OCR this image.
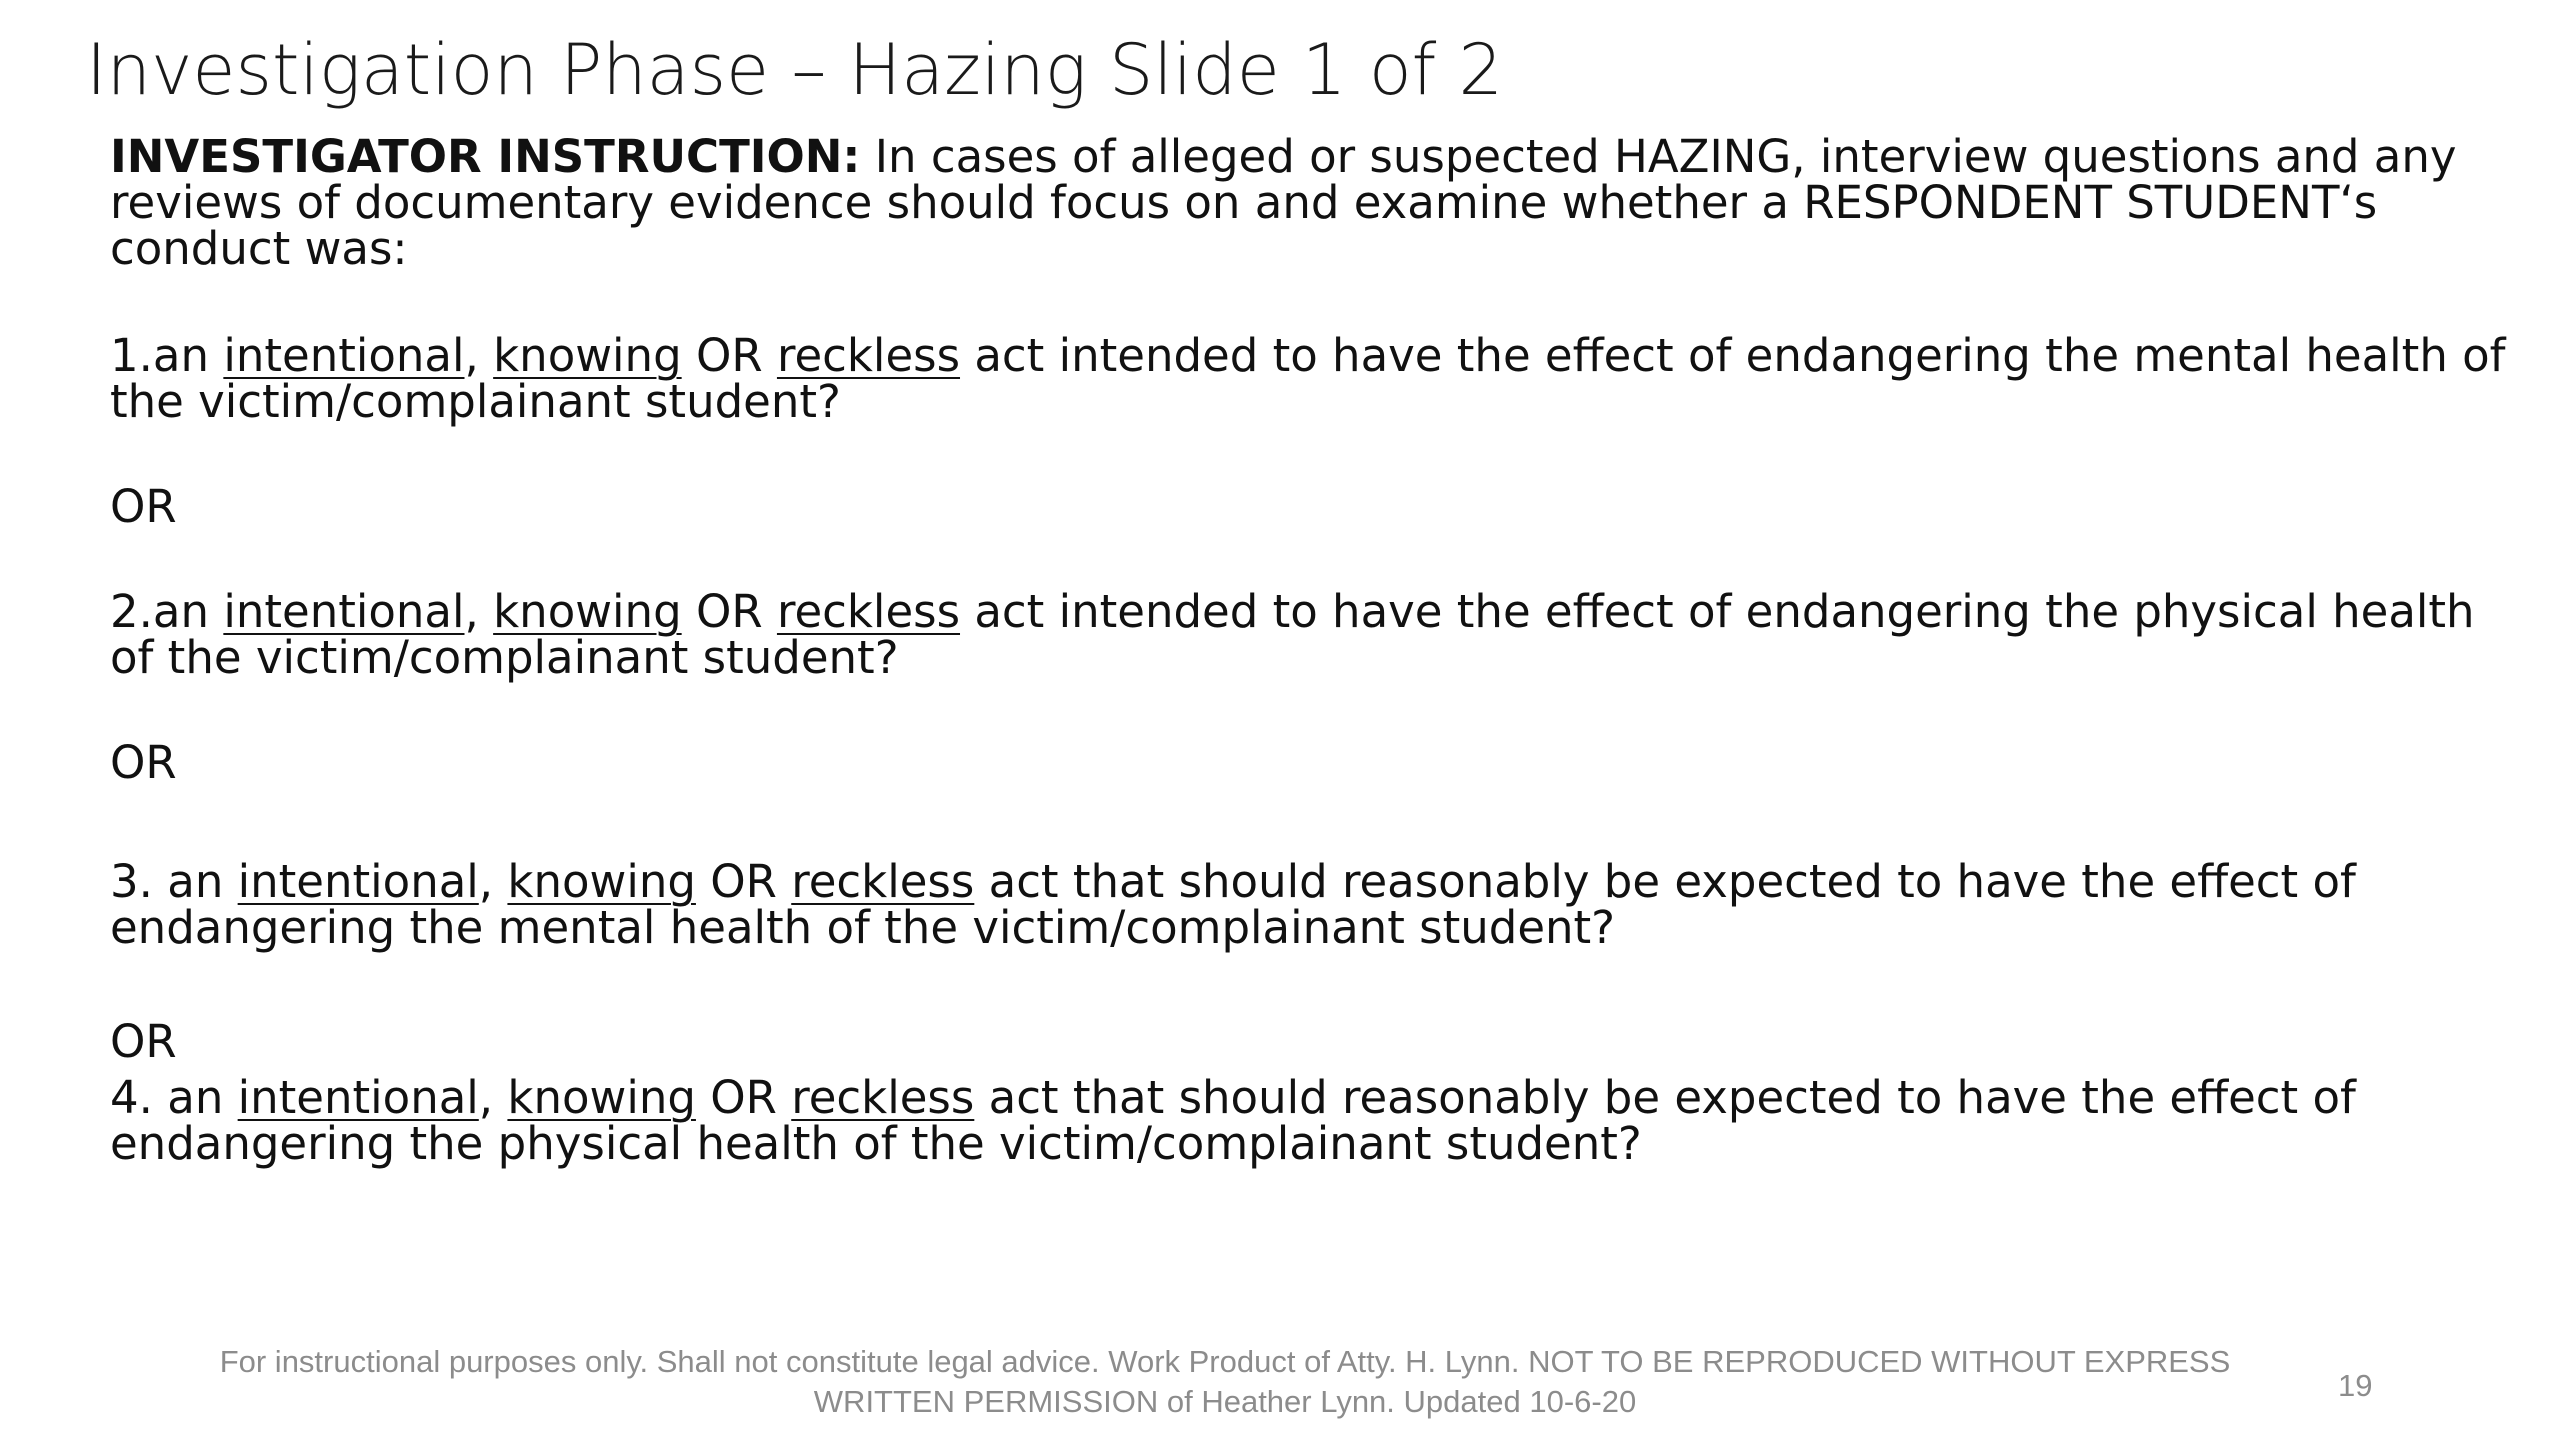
Investigation Phase – Hazing Slide 1 of 2

INVESTIGATOR INSTRUCTION: In cases of alleged or suspected HAZING, interview questions and any reviews of documentary evidence should focus on and examine whether a RESPONDENT STUDENT‘s conduct was:

1.an intentional, knowing OR reckless act intended to have the effect of endangering the mental health of the victim/complainant student?

OR

2.an intentional, knowing OR reckless act intended to have the effect of endangering the physical health of the victim/complainant student?

OR

3. an intentional, knowing OR reckless act that should reasonably be expected to have the effect of endangering the mental health of the victim/complainant student?

OR

4. an intentional, knowing OR reckless act that should reasonably be expected to have the effect of endangering the physical health of the victim/complainant student?

For instructional purposes only. Shall not constitute legal advice. Work Product of Atty. H. Lynn. NOT TO BE REPRODUCED WITHOUT EXPRESS
WRITTEN PERMISSION of Heather Lynn. Updated 10-6-20	19
